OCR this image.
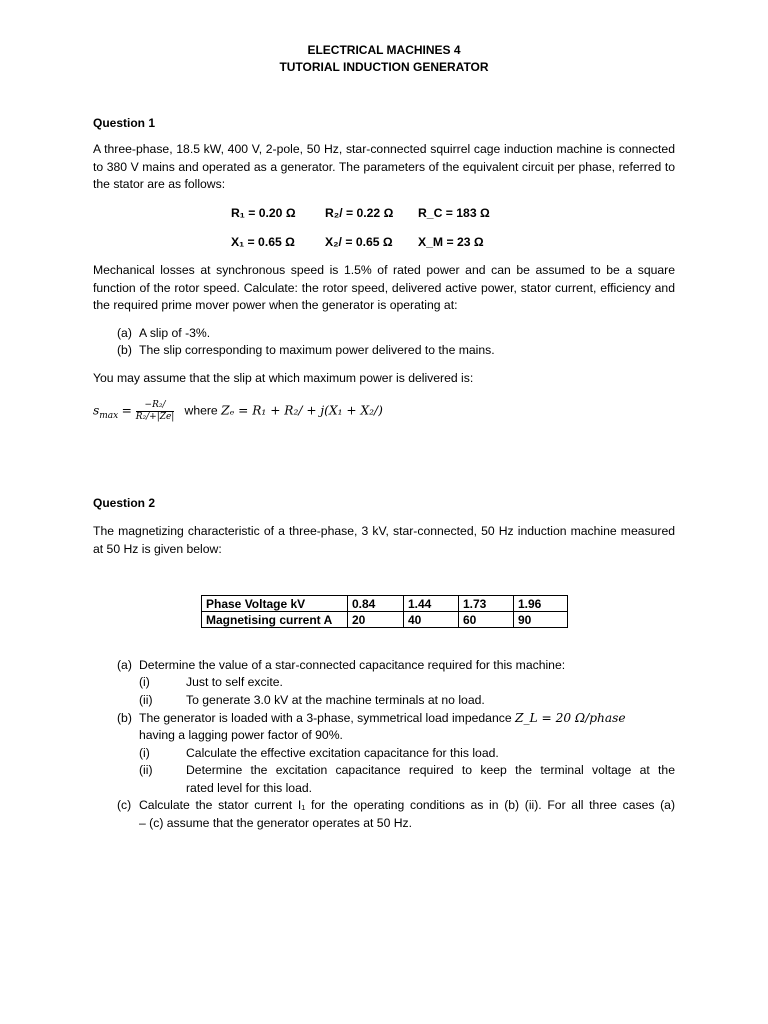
ELECTRICAL MACHINES 4
TUTORIAL INDUCTION GENERATOR
Question 1
A three-phase, 18.5 kW, 400 V, 2-pole, 50 Hz, star-connected squirrel cage induction machine is connected to 380 V mains and operated as a generator. The parameters of the equivalent circuit per phase, referred to the stator are as follows:
R₁ = 0.20 Ω R₂/ = 0.22 Ω R_C = 183 Ω
X₁ = 0.65 Ω X₂/ = 0.65 Ω X_M = 23 Ω
Mechanical losses at synchronous speed is 1.5% of rated power and can be assumed to be a square function of the rotor speed. Calculate: the rotor speed, delivered active power, stator current, efficiency and the required prime mover power when the generator is operating at:
(a) A slip of -3%.
(b) The slip corresponding to maximum power delivered to the mains.
You may assume that the slip at which maximum power is delivered is:
$s_{max} = \frac{\text{−R₂/}}{\text{R₂/+|Ze|}}$ where Zₑ = R₁ + R₂/ + j(X₁ + X₂/)
Question 2
The magnetizing characteristic of a three-phase, 3 kV, star-connected, 50 Hz induction machine measured at 50 Hz is given below:
Phase Voltage kV	0.84	1.44	1.73	1.96
Magnetising current A	20	40	60	90
(a) Determine the value of a star-connected capacitance required for this machine:
(i)	Just to self excite.
(ii)	To generate 3.0 kV at the machine terminals at no load.
(b) The generator is loaded with a 3-phase, symmetrical load impedance Z_L = 20 Ω/phase
having a lagging power factor of 90%.
(i)	Calculate the effective excitation capacitance for this load.
(ii)	Determine the excitation capacitance required to keep the terminal voltage at the
rated level for this load.
(c) Calculate the stator current I₁ for the operating conditions as in (b) (ii). For all three cases (a)
– (c) assume that the generator operates at 50 Hz.
